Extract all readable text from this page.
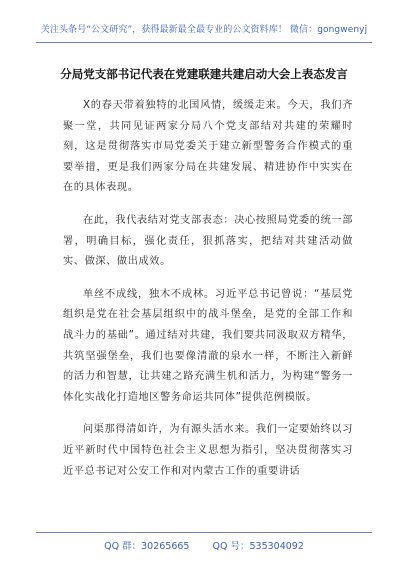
关注头条号“公文研究”，获得最新最全最专业的公文资料库！ 微信：gongwenyj
分局党支部书记代表在党建联建共建启动大会上表态发言

X的春天带着独特的北国风情，缓缓走来。今天，我们齐聚一堂，共同见证两家分局八个党支部结对共建的荣耀时刻，这是贯彻落实市局党委关于建立新型警务合作模式的重要举措，更是我们两家分局在共建发展、精进协作中实实在在的具体表现。

在此，我代表结对党支部表态：决心按照局党委的统一部署，明确目标，强化责任，狠抓落实，把结对共建活动做实、做深、做出成效。

单丝不成线，独木不成林。习近平总书记曾说：“基层党组织是党在社会基层组织中的战斗堡垒，是党的全部工作和战斗力的基础”。通过结对共建，我们要共同汲取双方精华，共筑坚强堡垒，我们也要像清澈的泉水一样，不断注入新鲜的活力和智慧，让共建之路充满生机和活力，为构建“警务一体化实战化打造地区警务命运共同体”提供范例模版。

问渠那得清如许，为有源头活水来。我们一定要始终以习近平新时代中国特色社会主义思想为指引，坚决贯彻落实习近平总书记对公安工作和对内蒙古工作的重要讲话

QQ 群：30265665 QQ 号：535304092
